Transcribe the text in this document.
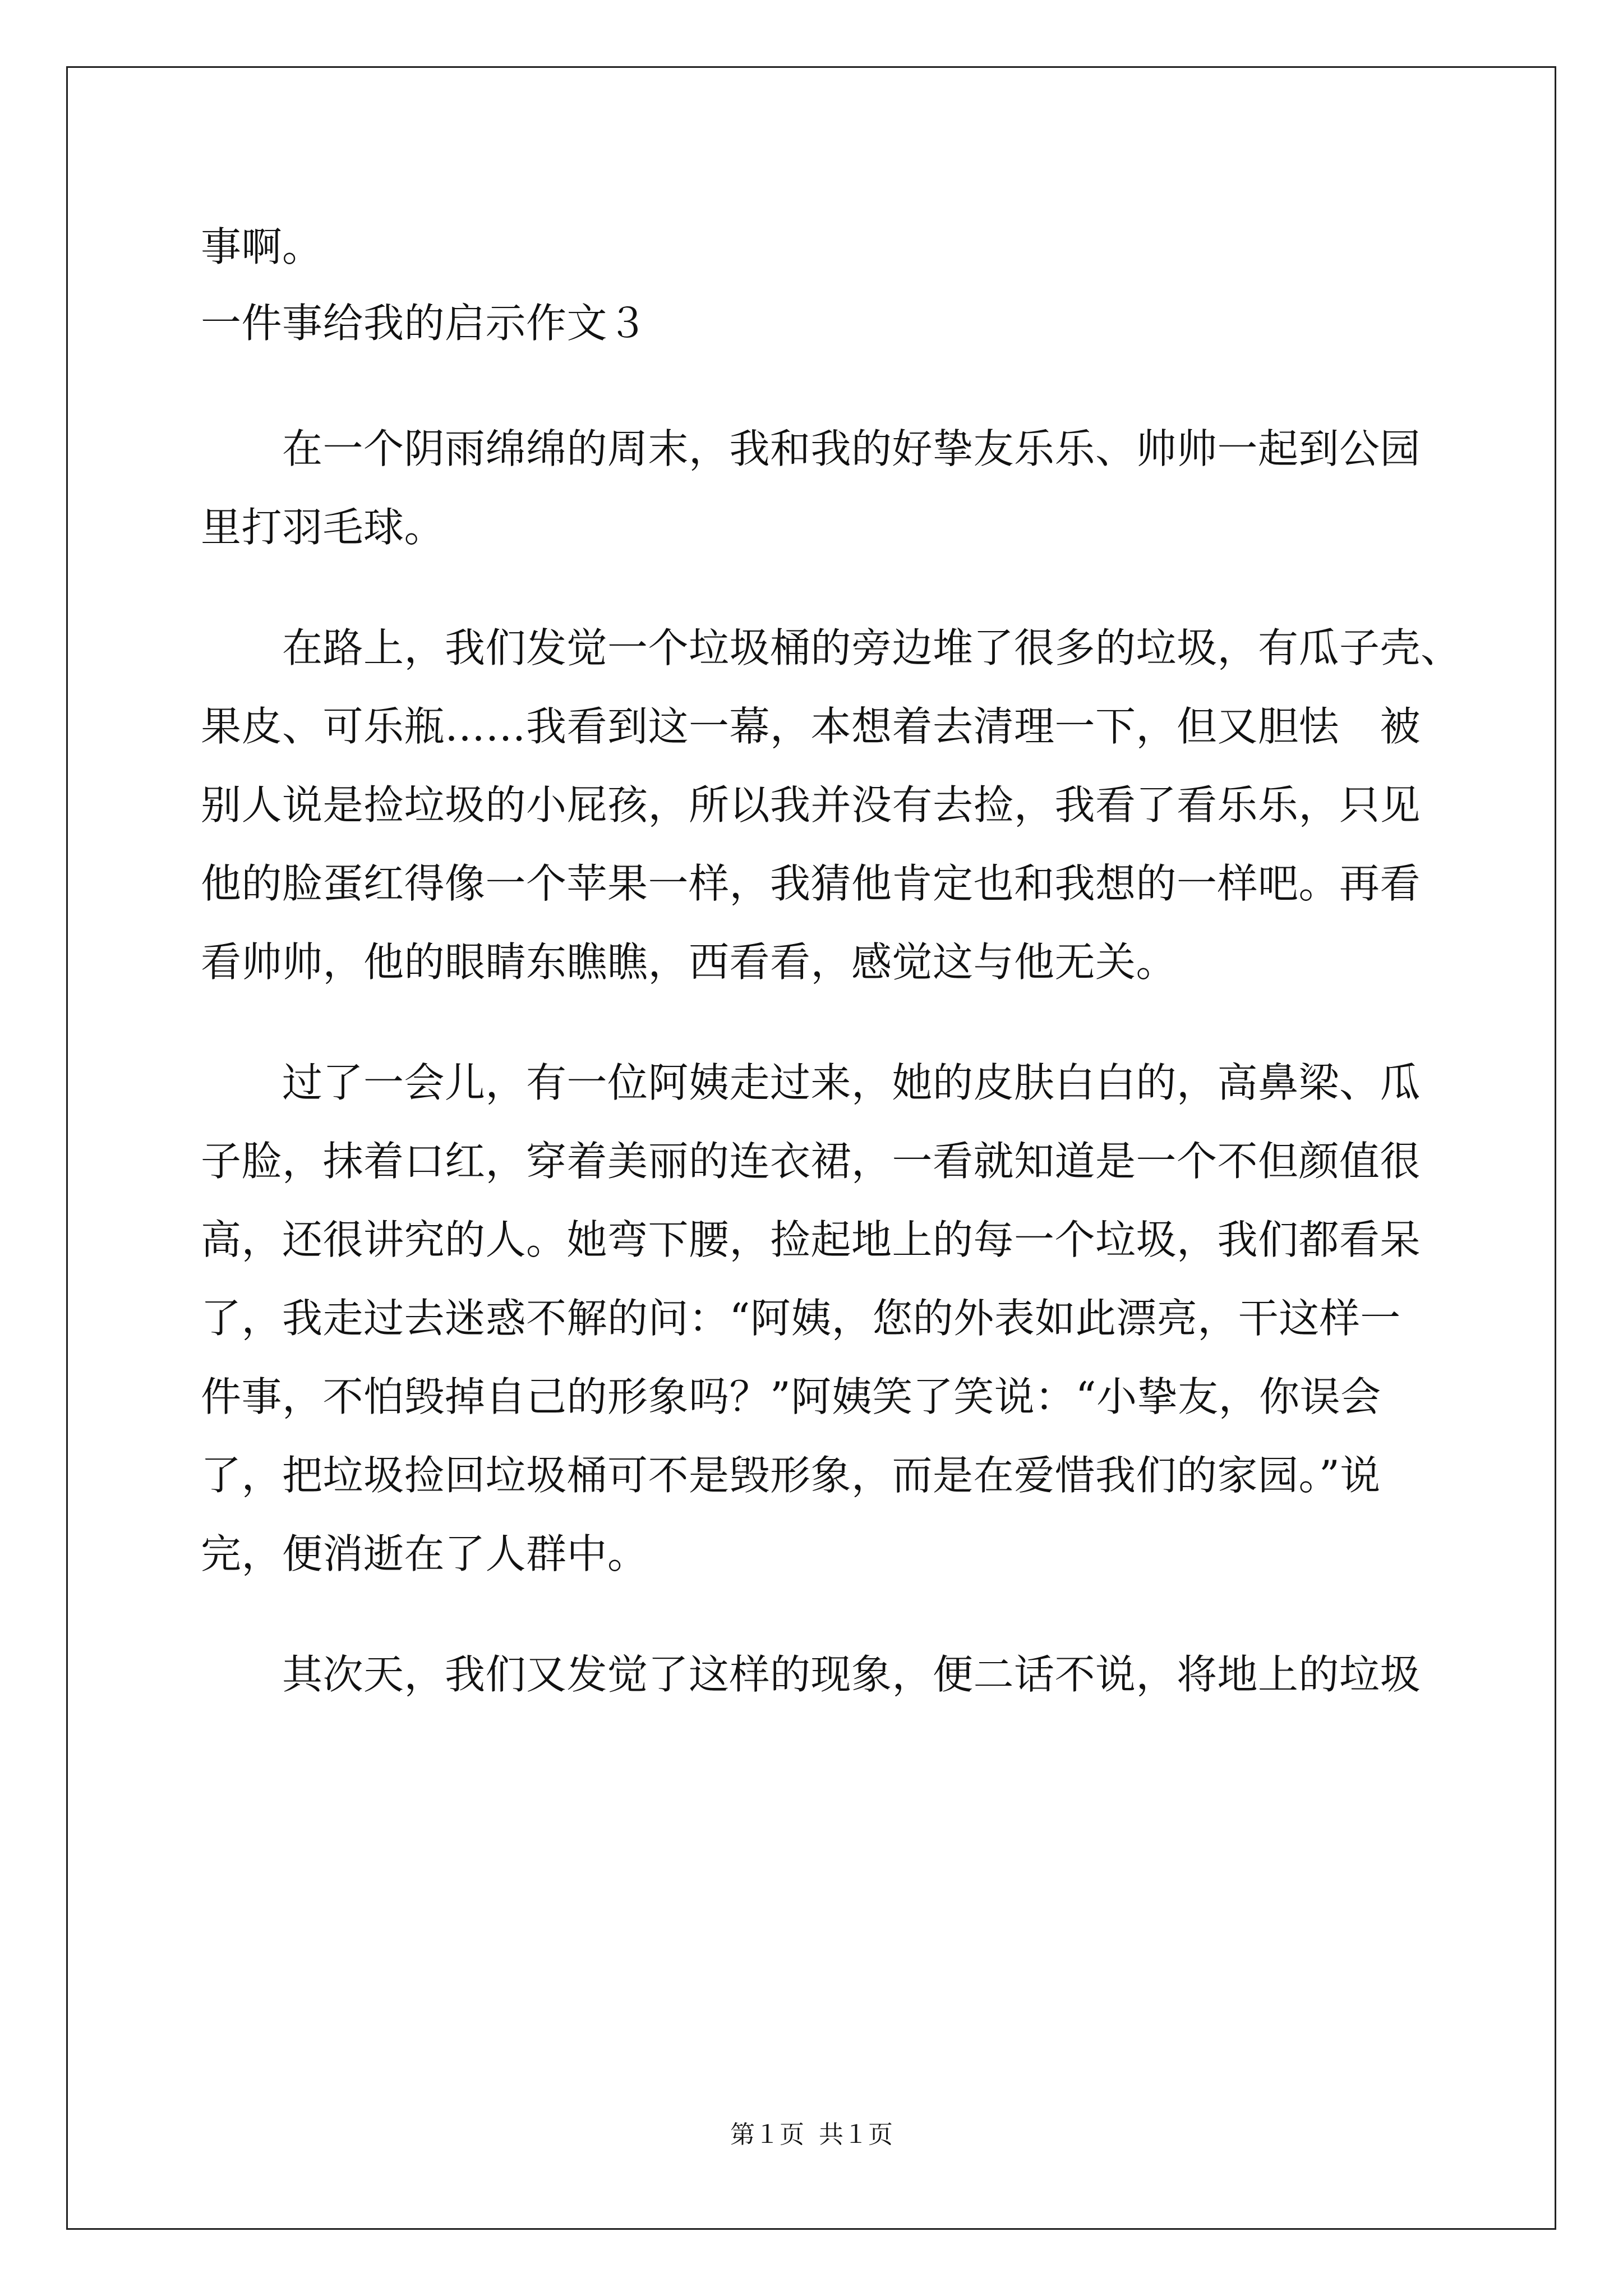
事啊。
一件事给我的启示作文３
在一个阴雨绵绵的周末，我和我的好挚友乐乐、帅帅一起到公园
里打羽毛球。
在路上，我们发觉一个垃圾桶的旁边堆了很多的垃圾，有瓜子壳、
果皮、可乐瓶……我看到这一幕，本想着去清理一下，但又胆怯　被
别人说是捡垃圾的小屁孩，所以我并没有去捡，我看了看乐乐，只见
他的脸蛋红得像一个苹果一样，我猜他肯定也和我想的一样吧。再看
看帅帅，他的眼睛东瞧瞧，西看看，感觉这与他无关。
过了一会儿，有一位阿姨走过来，她的皮肤白白的，高鼻梁、瓜
子脸，抹着口红，穿着美丽的连衣裙，一看就知道是一个不但颜值很
高，还很讲究的人。她弯下腰，捡起地上的每一个垃圾，我们都看呆
了，我走过去迷惑不解的问：“阿姨，您的外表如此漂亮，干这样一
件事，不怕毁掉自己的形象吗？”阿姨笑了笑说：“小挚友，你误会
了，把垃圾捡回垃圾桶可不是毁形象，而是在爱惜我们的家园。”说
完，便消逝在了人群中。
其次天，我们又发觉了这样的现象，便二话不说，将地上的垃圾
第１页 共１页
